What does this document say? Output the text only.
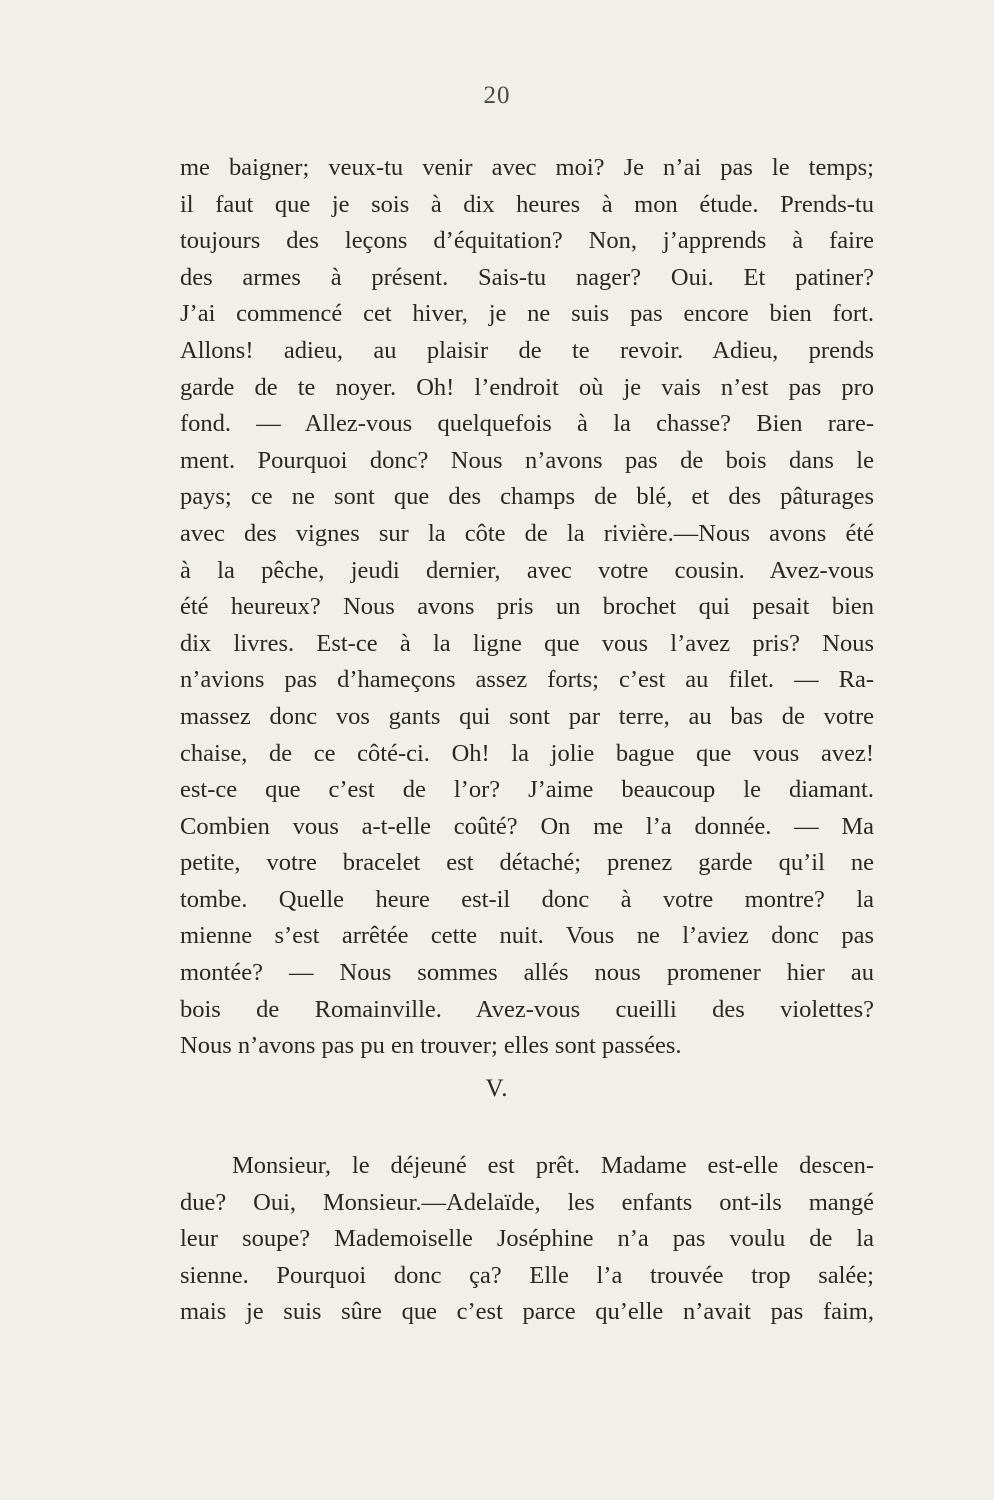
20
me baigner; veux-tu venir avec moi? Je n’ai pas le temps;
il faut que je sois à dix heures à mon étude. Prends-tu
toujours des leçons d’équitation? Non, j’apprends à faire
des armes à présent. Sais-tu nager? Oui. Et patiner?
J’ai commencé cet hiver, je ne suis pas encore bien fort.
Allons! adieu, au plaisir de te revoir. Adieu, prends
garde de te noyer. Oh! l’endroit où je vais n’est pas pro
fond. — Allez-vous quelquefois à la chasse? Bien rare-
ment. Pourquoi donc? Nous n’avons pas de bois dans le
pays; ce ne sont que des champs de blé, et des pâturages
avec des vignes sur la côte de la rivière.—Nous avons été
à la pêche, jeudi dernier, avec votre cousin. Avez-vous
été heureux? Nous avons pris un brochet qui pesait bien
dix livres. Est-ce à la ligne que vous l’avez pris? Nous
n’avions pas d’hameçons assez forts; c’est au filet. — Ra-
massez donc vos gants qui sont par terre, au bas de votre
chaise, de ce côté-ci. Oh! la jolie bague que vous avez!
est-ce que c’est de l’or? J’aime beaucoup le diamant.
Combien vous a-t-elle coûté? On me l’a donnée. — Ma
petite, votre bracelet est détaché; prenez garde qu’il ne
tombe. Quelle heure est-il donc à votre montre? la
mienne s’est arrêtée cette nuit. Vous ne l’aviez donc pas
montée? — Nous sommes allés nous promener hier au
bois de Romainville. Avez-vous cueilli des violettes?
Nous n’avons pas pu en trouver; elles sont passées.
V.
Monsieur, le déjeuné est prêt. Madame est-elle descen-
due? Oui, Monsieur.—Adelaïde, les enfants ont-ils mangé
leur soupe? Mademoiselle Joséphine n’a pas voulu de la
sienne. Pourquoi donc ça? Elle l’a trouvée trop salée;
mais je suis sûre que c’est parce qu’elle n’avait pas faim,
